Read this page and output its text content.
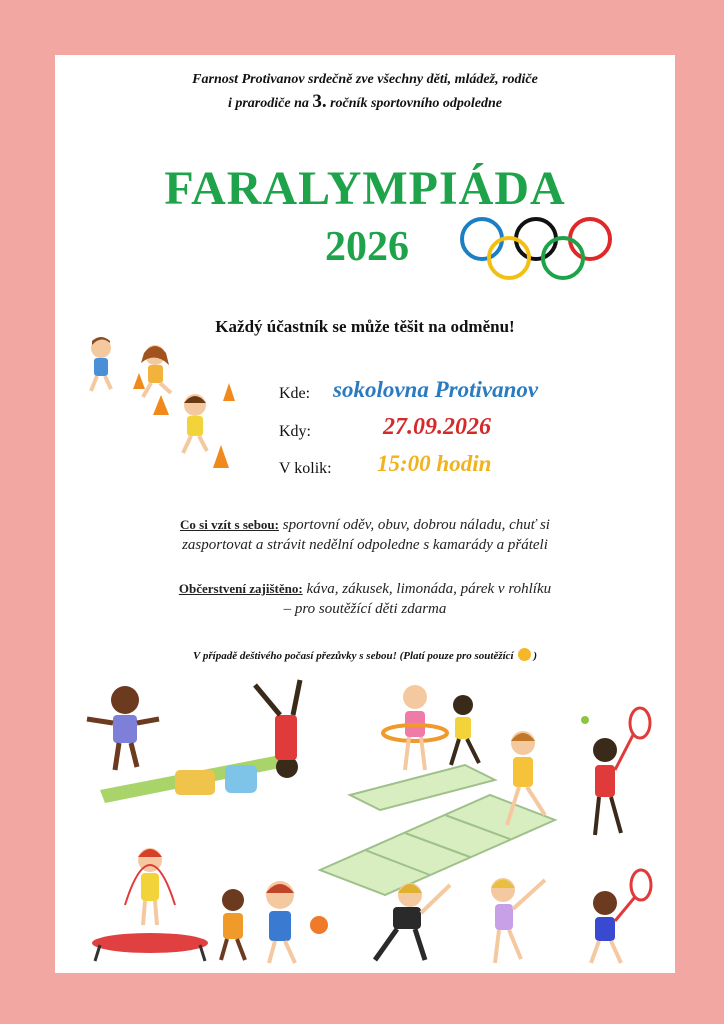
Farnost Protivanov srdečně zve všechny děti, mládež, rodiče
i prarodiče na 3. ročník sportovního odpoledne
FARALYMPIÁDA
2026
Každý účastník se může těšit na odměnu!
Kde: sokolovna Protivanov
Kdy:	27.09.2026
V kolik: 15:00 hodin
Co si vzít s sebou: sportovní oděv, obuv, dobrou náladu, chuť si
zasportovat a strávit nedělní odpoledne s kamarády a přáteli
Občerstvení zajištěno: káva, zákusek, limonáda, párek v rohlíku
– pro soutěžící děti zdarma
V případě deštivého počasí přezůvky s sebou! (Platí pouze pro soutěžící )
